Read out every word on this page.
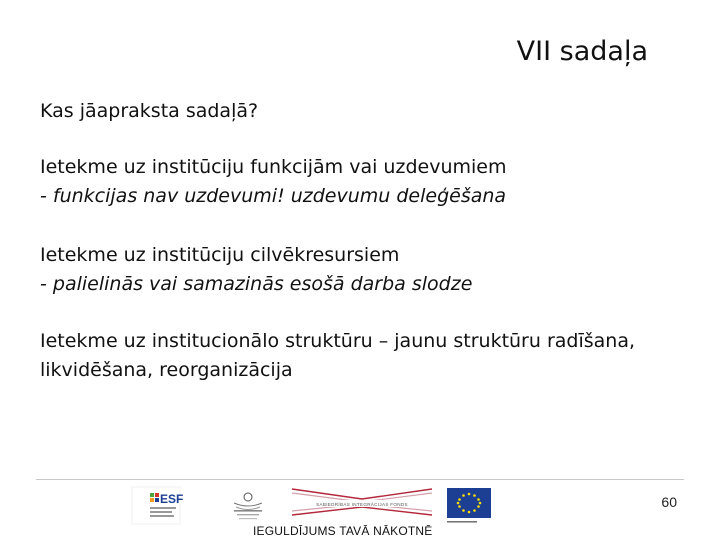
VII sadaļa
Kas jāapraksta sadaļā?
Ietekme uz institūciju funkcijām vai uzdevumiem
- funkcijas nav uzdevumi! uzdevumu deleģēšana
Ietekme uz institūciju cilvēkresursiem
- palielinās vai samazinās esošā darba slodze
Ietekme uz institucionālo struktūru – jaunu struktūru radīšana,
likvidēšana, reorganizācija
60
ESF	SABIEDRĪBAS INTEGRĀCIJAS FONDS
IEGULDĪJUMS TAVĀ NĀKOTNĒ
